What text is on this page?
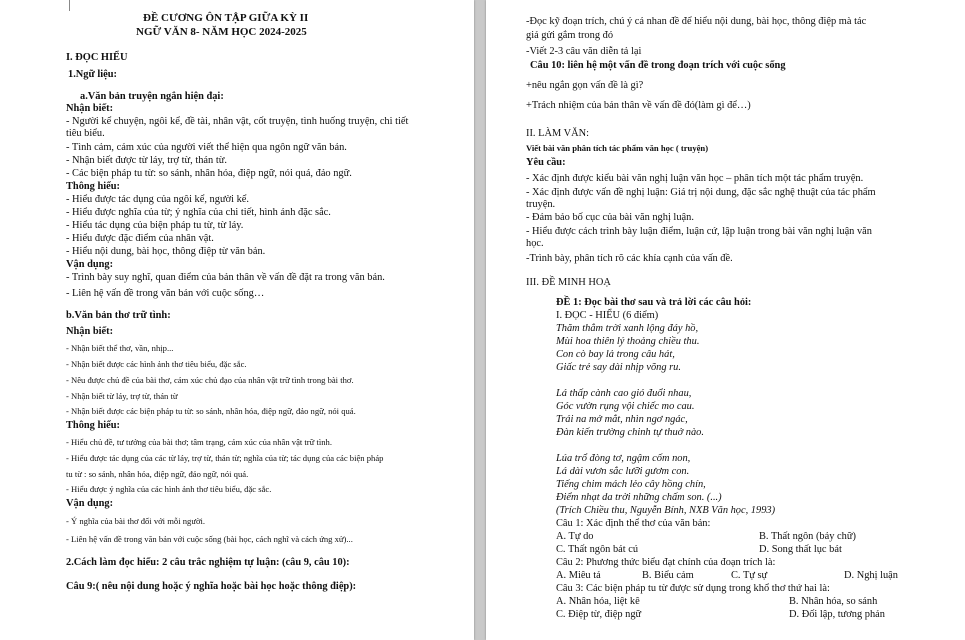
ĐỀ CƯƠNG ÔN TẬP GIỮA KỲ II
NGỮ VĂN 8- NĂM HỌC 2024-2025
I. ĐỌC HIỂU
1.Ngữ liệu:
a.Văn bản truyện ngắn hiện đại:
Nhận biết:
- Người kể chuyện, ngôi kể, đề tài, nhân vật, cốt truyện, tình huống truyện, chi tiết
tiêu biểu.
- Tình cảm, cảm xúc của người viết thể hiện qua ngôn ngữ văn bản.
- Nhận biết được từ láy, trợ từ, thán từ.
- Các biện pháp tu từ: so sánh, nhân hóa, điệp ngữ, nói quá, đảo ngữ.
Thông hiểu:
- Hiểu được tác dụng của ngôi kể, người kể.
- Hiểu được nghĩa của từ; ý nghĩa của chi tiết, hình ảnh đặc sắc.
- Hiểu tác dụng của biện pháp tu từ, từ láy.
- Hiểu được đặc điểm của nhân vật.
- Hiểu nội dung, bài học, thông điệp từ văn bản.
Vận dụng:
- Trình bày suy nghĩ, quan điểm của bản thân về vấn đề đặt ra trong văn bản.
- Liên hệ vấn đề trong văn bản với cuộc sống…
b.Văn bản thơ trữ tình:
Nhận biết:
- Nhận biết thể thơ, vần, nhịp...
- Nhận biết được các hình ảnh thơ tiêu biểu, đặc sắc.
- Nêu được chủ đề của bài thơ, cảm xúc chủ đạo của nhân vật trữ tình trong bài thơ.
- Nhận biết từ láy, trợ từ, thán từ
- Nhận biết được các biện pháp tu từ: so sánh, nhân hóa, điệp ngữ, đảo ngữ, nói quá.
Thông hiểu:
- Hiểu chủ đề, tư tưởng của bài thơ; tâm trạng, cảm xúc của nhân vật trữ tình.
- Hiểu được tác dụng của các từ láy, trợ từ, thán từ; nghĩa của từ; tác dụng của các biện pháp
tu từ : so sánh, nhân hóa, điệp ngữ, đảo ngữ, nói quá.
- Hiểu được ý nghĩa của các hình ảnh thơ tiêu biểu, đặc sắc.
Vận dụng:
- Ý nghĩa của bài thơ đối với mỗi người.
- Liên hệ vấn đề trong văn bản với cuộc sống (bài học, cách nghĩ và cách ứng xử)...
2.Cách làm đọc hiểu: 2 câu trắc nghiệm tự luận: (câu 9, câu 10):
Câu 9:( nêu nội dung hoặc ý nghĩa hoặc bài học hoặc thông điệp):
-Đọc kỹ đoạn trích, chú ý cả nhan đề để hiểu nội dung, bài học, thông điệp mà tác
giả gửi gắm trong đó
-Viết 2-3 câu văn diễn tả lại
Câu 10: liên hệ một vấn đề trong đoạn trích với cuộc sống
+nêu ngắn gọn vấn đề là gì?
+Trách nhiệm của bản thân về vấn đề đó(làm gì để…)
II. LÀM VĂN:
Viết bài văn phân tích tác phẩm văn học ( truyện)
Yêu cầu:
- Xác định được kiểu bài văn nghị luận văn học – phân tích một tác phẩm truyện.
- Xác định được vấn đề nghị luận: Giá trị nội dung, đặc sắc nghệ thuật của tác phẩm
truyện.
- Đảm bảo bố cục của bài văn nghị luận.
- Hiểu được cách trình bày luận điểm, luận cứ, lập luận trong bài văn nghị luận văn
học.
-Trình bày, phân tích rõ các khía cạnh của vấn đề.
III. ĐỀ MINH HOẠ
ĐỀ 1: Đọc bài thơ sau và trả lời các câu hỏi:
I. ĐỌC - HIỂU (6 điểm)
Thăm thẳm trời xanh lộng đáy hồ,
Mùi hoa thiên lý thoảng chiều thu.
Con cò bay lả trong câu hát,
Giấc trẻ say dài nhịp võng ru.
Lá thấp cành cao gió đuổi nhau,
Góc vườn rụng vội chiếc mo cau.
Trái na mở mắt, nhìn ngơ ngác,
Đàn kiến trường chinh tự thuở nào.
Lúa trổ đòng tơ, ngậm cốm non,
Lá dài vươn sắc lưỡi gươm con.
Tiếng chim mách lẻo cây hồng chín,
Điểm nhạt da trời những chấm son. (...)
(Trích Chiều thu, Nguyễn Bính, NXB Văn học, 1993)
Câu 1: Xác định thể thơ của văn bản:
A. Tự do	B. Thất ngôn (bảy chữ)
C. Thất ngôn bát cú	D. Song thất lục bát
Câu 2: Phương thức biểu đạt chính của đoạn trích là:
A. Miêu tả	B. Biểu cảm	C. Tự sự	D. Nghị luận
Câu 3: Các biện pháp tu từ được sử dụng trong khổ thơ thứ hai là:
A. Nhân hóa, liệt kê	B. Nhân hóa, so sánh
C. Điệp từ, điệp ngữ	D. Đối lập, tương phản
